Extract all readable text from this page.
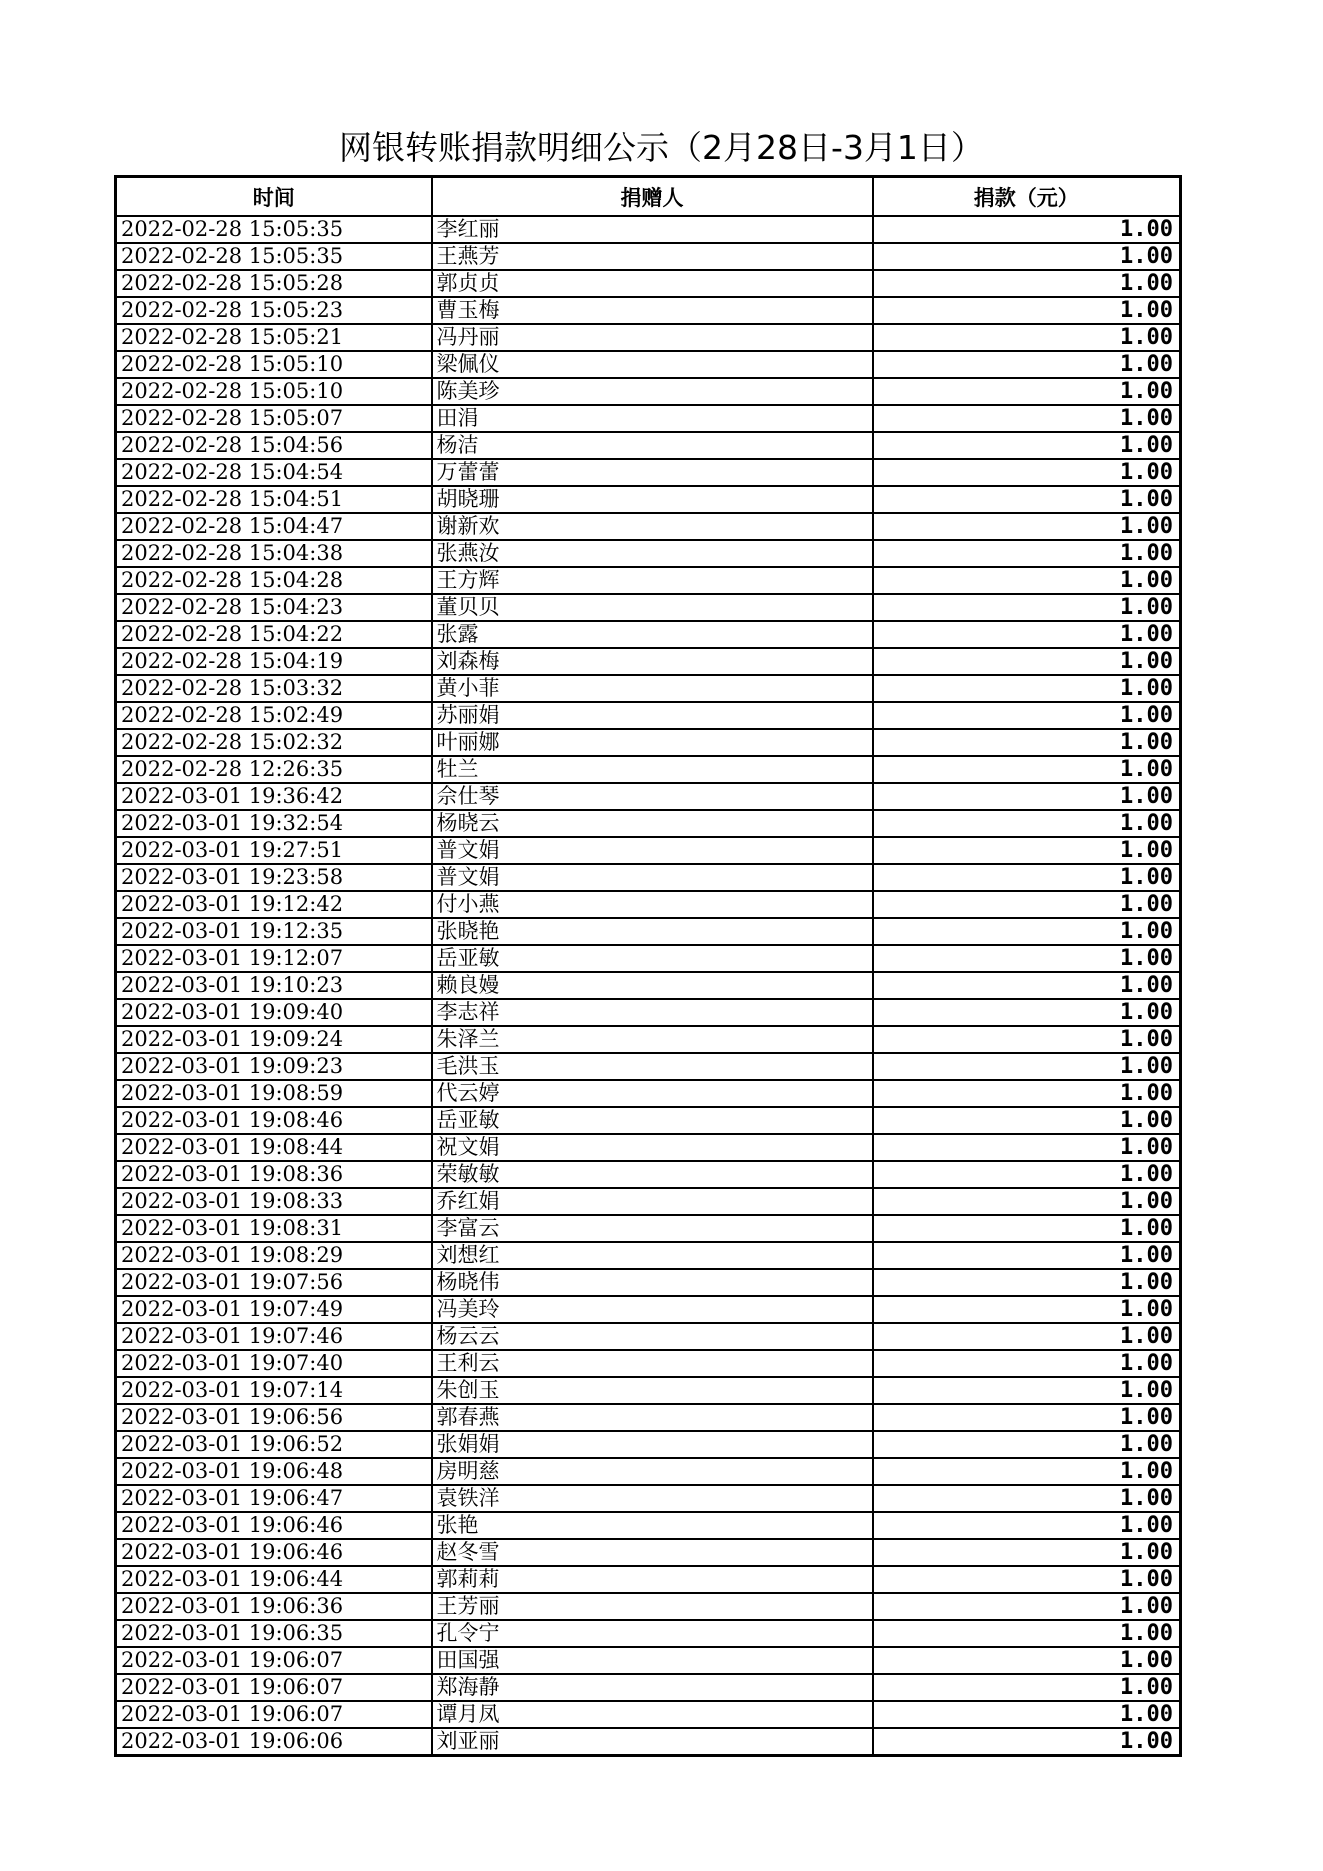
网银转账捐款明细公示（2月28日-3月1日）
时间	捐赠人	捐款（元）
2022-02-28 15:05:35	李红丽	1.00
2022-02-28 15:05:35	王燕芳	1.00
2022-02-28 15:05:28	郭贞贞	1.00
2022-02-28 15:05:23	曹玉梅	1.00
2022-02-28 15:05:21	冯丹丽	1.00
2022-02-28 15:05:10	梁佩仪	1.00
2022-02-28 15:05:10	陈美珍	1.00
2022-02-28 15:05:07	田涓	1.00
2022-02-28 15:04:56	杨洁	1.00
2022-02-28 15:04:54	万蕾蕾	1.00
2022-02-28 15:04:51	胡晓珊	1.00
2022-02-28 15:04:47	谢新欢	1.00
2022-02-28 15:04:38	张燕汝	1.00
2022-02-28 15:04:28	王方辉	1.00
2022-02-28 15:04:23	董贝贝	1.00
2022-02-28 15:04:22	张露	1.00
2022-02-28 15:04:19	刘森梅	1.00
2022-02-28 15:03:32	黄小菲	1.00
2022-02-28 15:02:49	苏丽娟	1.00
2022-02-28 15:02:32	叶丽娜	1.00
2022-02-28 12:26:35	牡兰	1.00
2022-03-01 19:36:42	佘仕琴	1.00
2022-03-01 19:32:54	杨晓云	1.00
2022-03-01 19:27:51	普文娟	1.00
2022-03-01 19:23:58	普文娟	1.00
2022-03-01 19:12:42	付小燕	1.00
2022-03-01 19:12:35	张晓艳	1.00
2022-03-01 19:12:07	岳亚敏	1.00
2022-03-01 19:10:23	赖良嫚	1.00
2022-03-01 19:09:40	李志祥	1.00
2022-03-01 19:09:24	朱泽兰	1.00
2022-03-01 19:09:23	毛洪玉	1.00
2022-03-01 19:08:59	代云婷	1.00
2022-03-01 19:08:46	岳亚敏	1.00
2022-03-01 19:08:44	祝文娟	1.00
2022-03-01 19:08:36	荣敏敏	1.00
2022-03-01 19:08:33	乔红娟	1.00
2022-03-01 19:08:31	李富云	1.00
2022-03-01 19:08:29	刘想红	1.00
2022-03-01 19:07:56	杨晓伟	1.00
2022-03-01 19:07:49	冯美玲	1.00
2022-03-01 19:07:46	杨云云	1.00
2022-03-01 19:07:40	王利云	1.00
2022-03-01 19:07:14	朱创玉	1.00
2022-03-01 19:06:56	郭春燕	1.00
2022-03-01 19:06:52	张娟娟	1.00
2022-03-01 19:06:48	房明慈	1.00
2022-03-01 19:06:47	袁铁洋	1.00
2022-03-01 19:06:46	张艳	1.00
2022-03-01 19:06:46	赵冬雪	1.00
2022-03-01 19:06:44	郭莉莉	1.00
2022-03-01 19:06:36	王芳丽	1.00
2022-03-01 19:06:35	孔令宁	1.00
2022-03-01 19:06:07	田国强	1.00
2022-03-01 19:06:07	郑海静	1.00
2022-03-01 19:06:07	谭月凤	1.00
2022-03-01 19:06:06	刘亚丽	1.00
